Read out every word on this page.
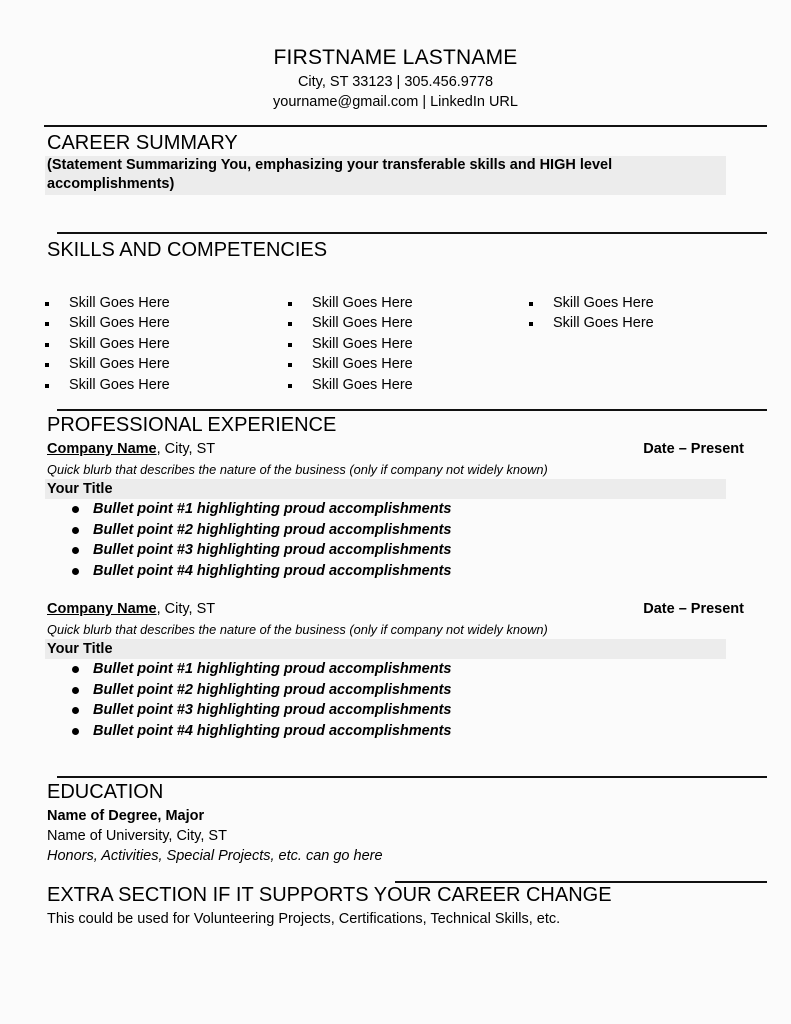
FIRSTNAME LASTNAME
City, ST 33123 | 305.456.9778
yourname@gmail.com | LinkedIn URL
CAREER SUMMARY
(Statement Summarizing You, emphasizing your transferable skills and HIGH level accomplishments)
SKILLS AND COMPETENCIES
Skill Goes Here
Skill Goes Here
Skill Goes Here
Skill Goes Here
Skill Goes Here
Skill Goes Here
Skill Goes Here
Skill Goes Here
Skill Goes Here
Skill Goes Here
Skill Goes Here
Skill Goes Here
PROFESSIONAL EXPERIENCE
Company Name, City, ST	Date – Present
Quick blurb that describes the nature of the business (only if company not widely known)
Your Title
Bullet point #1 highlighting proud accomplishments
Bullet point #2 highlighting proud accomplishments
Bullet point #3 highlighting proud accomplishments
Bullet point #4 highlighting proud accomplishments
Company Name, City, ST	Date – Present
Quick blurb that describes the nature of the business (only if company not widely known)
Your Title
Bullet point #1 highlighting proud accomplishments
Bullet point #2 highlighting proud accomplishments
Bullet point #3 highlighting proud accomplishments
Bullet point #4 highlighting proud accomplishments
EDUCATION
Name of Degree, Major
Name of University, City, ST
Honors, Activities, Special Projects, etc. can go here
EXTRA SECTION IF IT SUPPORTS YOUR CAREER CHANGE
This could be used for Volunteering Projects, Certifications, Technical Skills, etc.
